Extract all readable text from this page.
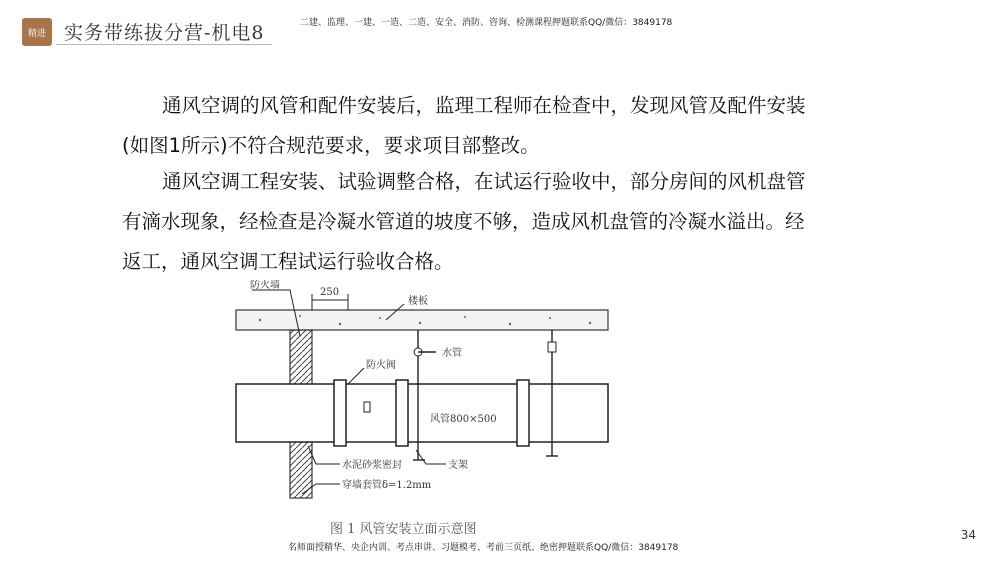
精进 实务带练拔分营-机电8	二建、监理、一建、一造、二造、安全、消防、咨询、检测课程押题联系QQ/微信：3849178
通风空调的风管和配件安装后，监理工程师在检查中，发现风管及配件安装(如图1所示)不符合规范要求，要求项目部整改。
通风空调工程安装、试验调整合格，在试运行验收中，部分房间的风机盘管有滴水现象，经检查是冷凝水管道的坡度不够，造成风机盘管的冷凝水溢出。经返工，通风空调工程试运行验收合格。
防火墙
250
楼板
防火阀
水管
风管800×500
水泥砂浆密封	支架
穿墙套管δ=1.2mm
图 1 风管安装立面示意图	34
名师面授精华、央企内训、考点串讲、习题模考、考前三页纸、绝密押题联系QQ/微信：3849178
